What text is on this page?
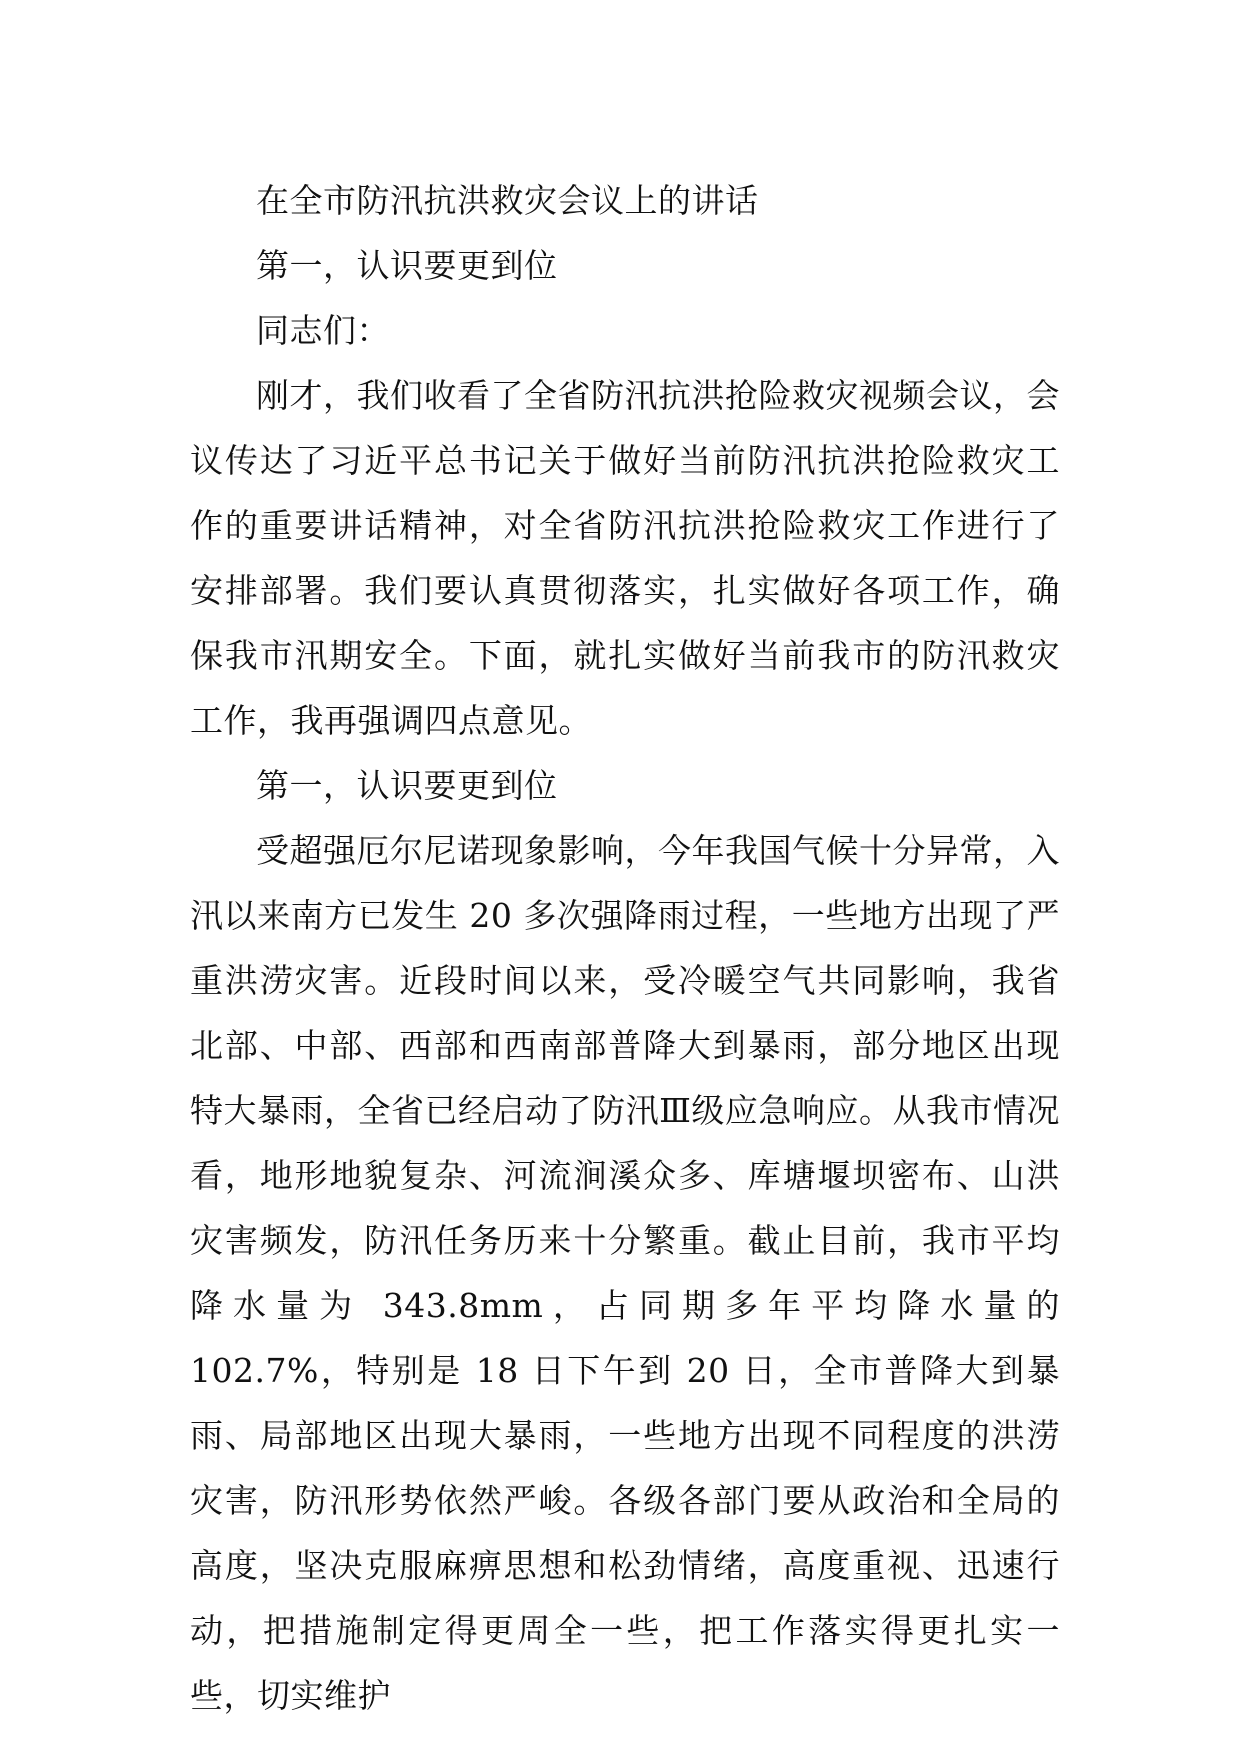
在全市防汛抗洪救灾会议上的讲话

第一，认识要更到位

同志们：

刚才，我们收看了全省防汛抗洪抢险救灾视频会议，会议传达了习近平总书记关于做好当前防汛抗洪抢险救灾工作的重要讲话精神，对全省防汛抗洪抢险救灾工作进行了安排部署。我们要认真贯彻落实，扎实做好各项工作，确保我市汛期安全。下面，就扎实做好当前我市的防汛救灾工作，我再强调四点意见。

第一，认识要更到位

受超强厄尔尼诺现象影响，今年我国气候十分异常，入汛以来南方已发生 20 多次强降雨过程，一些地方出现了严重洪涝灾害。近段时间以来，受冷暖空气共同影响，我省北部、中部、西部和西南部普降大到暴雨，部分地区出现特大暴雨，全省已经启动了防汛Ⅲ级应急响应。从我市情况看，地形地貌复杂、河流涧溪众多、库塘堰坝密布、山洪灾害频发，防汛任务历来十分繁重。截止目前，我市平均降水量为 343.8mm，占同期多年平均降水量的 102.7%，特别是 18 日下午到 20 日，全市普降大到暴雨、局部地区出现大暴雨，一些地方出现不同程度的洪涝灾害，防汛形势依然严峻。各级各部门要从政治和全局的高度，坚决克服麻痹思想和松劲情绪，高度重视、迅速行动，把措施制定得更周全一些，把工作落实得更扎实一些，切实维护
